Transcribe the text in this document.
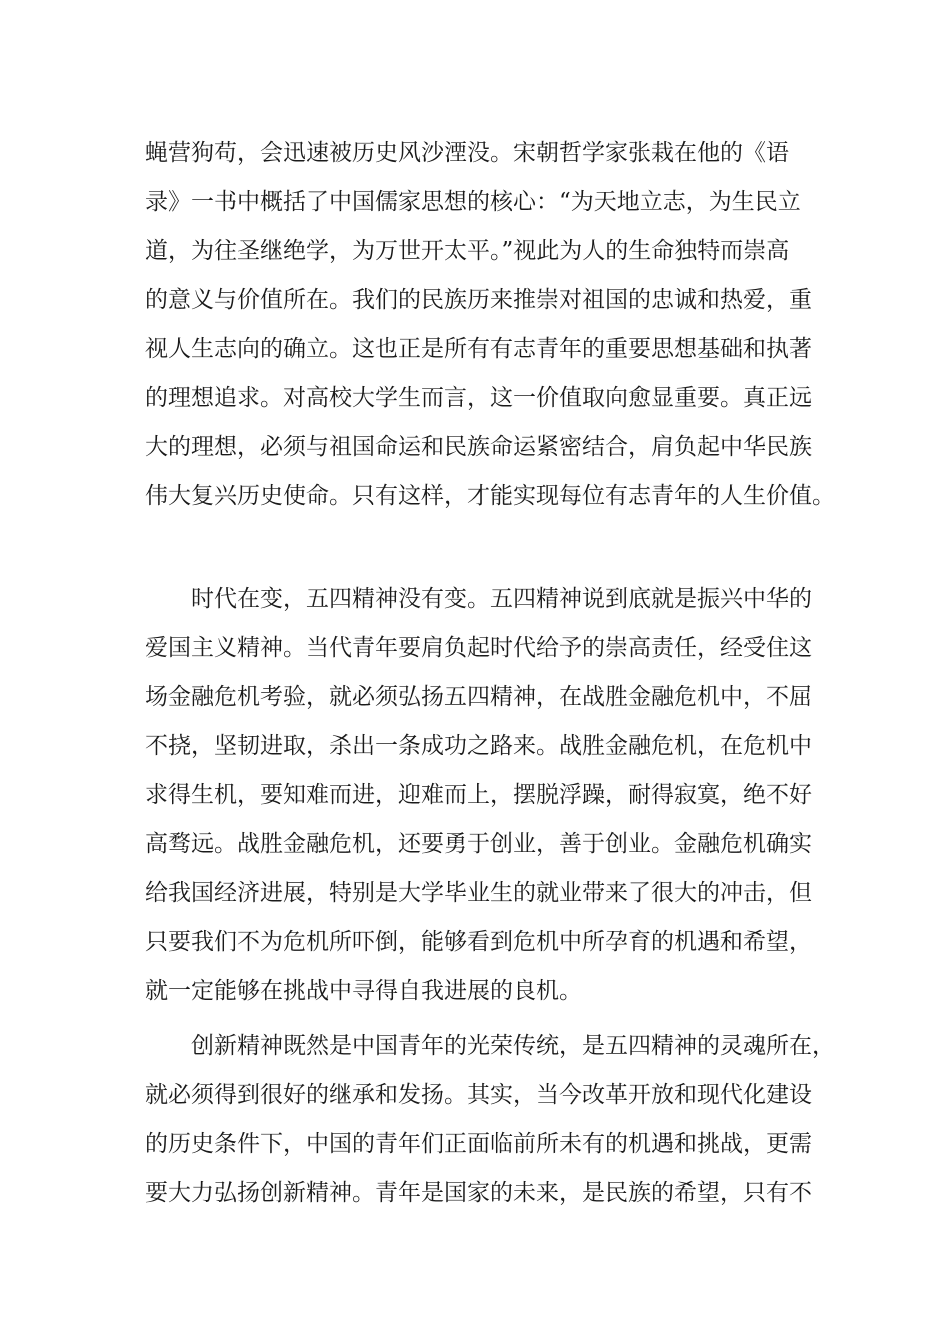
蝇营狗苟，会迅速被历史风沙湮没。宋朝哲学家张栽在他的《语
录》一书中概括了中国儒家思想的核心：“为天地立志，为生民立
道，为往圣继绝学，为万世开太平。”视此为人的生命独特而崇高
的意义与价值所在。我们的民族历来推崇对祖国的忠诚和热爱，重
视人生志向的确立。这也正是所有有志青年的重要思想基础和执著
的理想追求。对高校大学生而言，这一价值取向愈显重要。真正远
大的理想，必须与祖国命运和民族命运紧密结合，肩负起中华民族
伟大复兴历史使命。只有这样，才能实现每位有志青年的人生价值。
时代在变，五四精神没有变。五四精神说到底就是振兴中华的
爱国主义精神。当代青年要肩负起时代给予的崇高责任，经受住这
场金融危机考验，就必须弘扬五四精神，在战胜金融危机中，不屈
不挠，坚韧进取，杀出一条成功之路来。战胜金融危机，在危机中
求得生机，要知难而进，迎难而上，摆脱浮躁，耐得寂寞，绝不好
高骛远。战胜金融危机，还要勇于创业，善于创业。金融危机确实
给我国经济进展，特别是大学毕业生的就业带来了很大的冲击，但
只要我们不为危机所吓倒，能够看到危机中所孕育的机遇和希望，
就一定能够在挑战中寻得自我进展的良机。
创新精神既然是中国青年的光荣传统，是五四精神的灵魂所在，
就必须得到很好的继承和发扬。其实，当今改革开放和现代化建设
的历史条件下，中国的青年们正面临前所未有的机遇和挑战，更需
要大力弘扬创新精神。青年是国家的未来，是民族的希望，只有不
